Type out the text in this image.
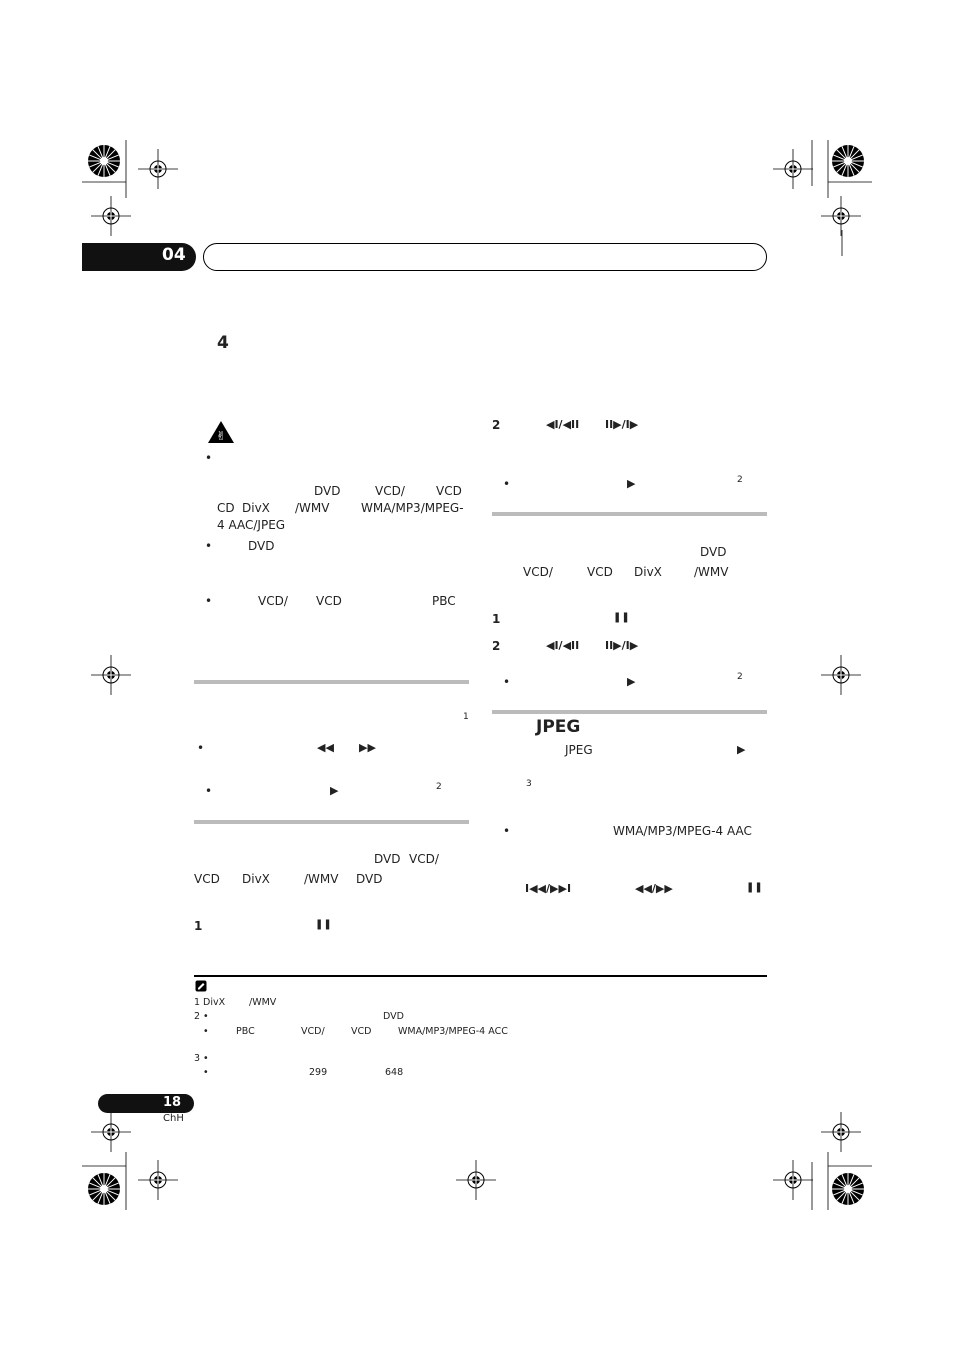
04
4
✌
•
DVD	VCD/	VCD
CD DivX /WMV	WMA/MP3/MPEG-
4 AAC/JPEG
•	DVD
•	VCD/ VCD	PBC
1
•	◀◀ ▶▶
•	▶	2
DVD VCD/
VCD DivX	/WMV DVD
1	❚❚
2	◀I/◀II II▶/I▶
•	▶	2
DVD
VCD/	VCD DivX	/WMV
1	❚❚
2	◀I/◀II II▶/I▶
•	▶	2
JPEG
JPEG	▶
3
•	WMA/MP3/MPEG-4 AAC
I◀◀/▶▶I	◀◀/▶▶	❚❚
1 DivX	/WMV
2 •	DVD
•	PBC	VCD/	VCD	WMA/MP3/MPEG-4 ACC
3 •
•	299	648
18
ChH
